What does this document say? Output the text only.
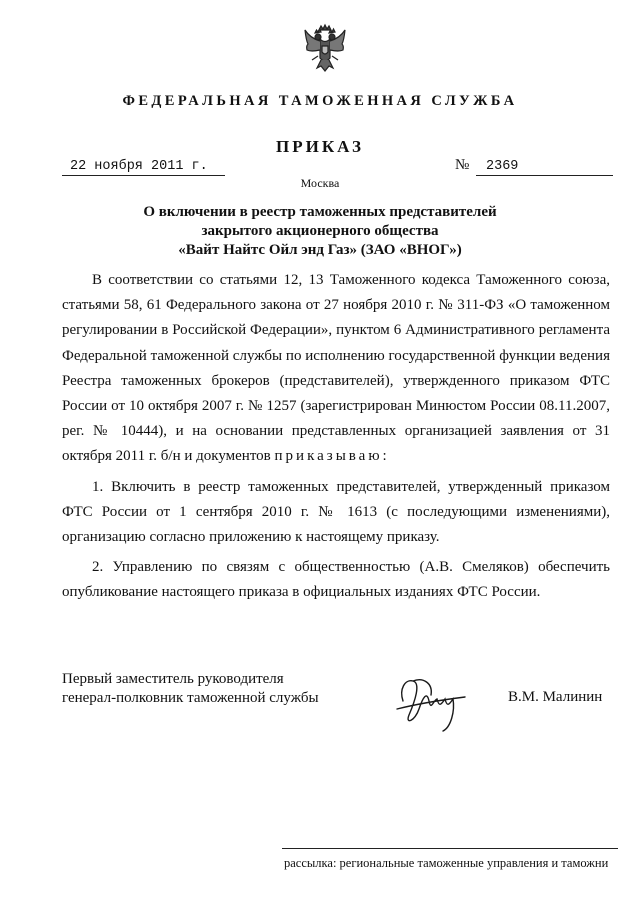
ФЕДЕРАЛЬНАЯ ТАМОЖЕННАЯ СЛУЖБА
ПРИКАЗ
22 ноября 2011 г.	№	2369
Москва
О включении в реестр таможенных представителей
закрытого акционерного общества
«Вайт Найтс Ойл энд Газ» (ЗАО «ВНОГ»)

В соответствии со статьями 12, 13 Таможенного кодекса Таможенного союза, статьями 58, 61 Федерального закона от 27 ноября 2010 г. № 311-ФЗ «О таможенном регулировании в Российской Федерации», пунктом 6 Административного регламента Федеральной таможенной службы по исполнению государственной функции ведения Реестра таможенных брокеров (представителей), утвержденного приказом ФТС России от 10 октября 2007 г. № 1257 (зарегистрирован Минюстом России 08.11.2007, рег. № 10444), и на основании представленных организацией заявления от 31 октября 2011 г. б/н и документов приказываю:

1. Включить в реестр таможенных представителей, утвержденный приказом ФТС России от 1 сентября 2010 г. № 1613 (с последующими изменениями), организацию согласно приложению к настоящему приказу.

2. Управлению по связям с общественностью (А.В. Смеляков) обеспечить опубликование настоящего приказа в официальных изданиях ФТС России.

Первый заместитель руководителя
генерал-полковник таможенной службы	В.М. Малинин
рассылка: региональные таможенные управления и таможни
